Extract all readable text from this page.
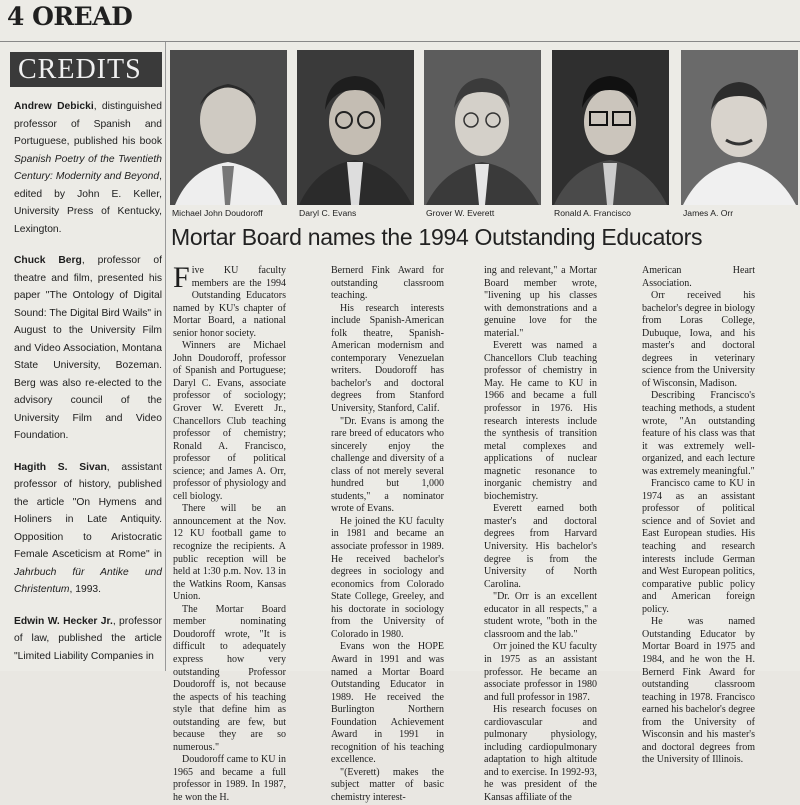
4 OREAD
CREDITS

Andrew Debicki, distinguished professor of Spanish and Portuguese, published his book Spanish Poetry of the Twentieth Century: Modernity and Beyond, edited by John E. Keller, University Press of Kentucky, Lexington.

Chuck Berg, professor of theatre and film, presented his paper "The Ontology of Digital Sound: The Digital Bird Wails" in August to the University Film and Video Association, Montana State University, Bozeman. Berg was also re-elected to the advisory council of the University Film and Video Foundation.

Hagith S. Sivan, assistant professor of history, published the article "On Hymens and Holiners in Late Antiquity. Opposition to Aristocratic Female Asceticism at Rome" in Jahrbuch für Antike und Christentum, 1993.

Edwin W. Hecker Jr., professor of law, published the article "Limited Liability Companies in

Michael John Doudoroff	Daryl C. Evans	Grover W. Everett	Ronald A. Francisco	James A. Orr
Mortar Board names the 1994 Outstanding Educators

Five KU faculty members are the 1994 Outstanding Educators named by KU's chapter of Mortar Board, a national senior honor society.

Winners are Michael John Doudoroff, professor of Spanish and Portuguese; Daryl C. Evans, associate professor of sociology; Grover W. Everett Jr., Chancellors Club teaching professor of chemistry; Ronald A. Francisco, professor of political science; and James A. Orr, professor of physiology and cell biology.

There will be an announcement at the Nov. 12 KU football game to recognize the recipients. A public reception will be held at 1:30 p.m. Nov. 13 in the Watkins Room, Kansas Union.

The Mortar Board member nominating Doudoroff wrote, "It is difficult to adequately express how very outstanding Professor Doudoroff is, not because the aspects of his teaching style that define him as outstanding are few, but because they are so numerous."

Doudoroff came to KU in 1965 and became a full professor in 1989. In 1987, he won the H.

Bernerd Fink Award for outstanding classroom teaching.

His research interests include Spanish-American folk theatre, Spanish-American modernism and contemporary Venezuelan writers. Doudoroff has bachelor's and doctoral degrees from Stanford University, Stanford, Calif.

"Dr. Evans is among the rare breed of educators who sincerely enjoy the challenge and diversity of a class of not merely several hundred but 1,000 students," a nominator wrote of Evans.

He joined the KU faculty in 1981 and became an associate professor in 1989. He received bachelor's degrees in sociology and economics from Colorado State College, Greeley, and his doctorate in sociology from the University of Colorado in 1980.

Evans won the HOPE Award in 1991 and was named a Mortar Board Outstanding Educator in 1989. He received the Burlington Northern Foundation Achievement Award in 1991 in recognition of his teaching excellence.

"(Everett) makes the subject matter of basic chemistry interest-

ing and relevant," a Mortar Board member wrote, "livening up his classes with demonstrations and a genuine love for the material."

Everett was named a Chancellors Club teaching professor of chemistry in May. He came to KU in 1966 and became a full professor in 1976. His research interests include the synthesis of transition metal complexes and applications of nuclear magnetic resonance to inorganic chemistry and biochemistry.

Everett earned both master's and doctoral degrees from Harvard University. His bachelor's degree is from the University of North Carolina.

"Dr. Orr is an excellent educator in all respects," a student wrote, "both in the classroom and the lab."

Orr joined the KU faculty in 1975 as an assistant professor. He became an associate professor in 1980 and full professor in 1987.

His research focuses on cardiovascular and pulmonary physiology, including cardiopulmonary adaptation to high altitude and to exercise. In 1992-93, he was president of the Kansas affiliate of the

American Heart Association.

Orr received his bachelor's degree in biology from Loras College, Dubuque, Iowa, and his master's and doctoral degrees in veterinary science from the University of Wisconsin, Madison.

Describing Francisco's teaching methods, a student wrote, "An outstanding feature of his class was that it was extremely well-organized, and each lecture was extremely meaningful."

Francisco came to KU in 1974 as an assistant professor of political science and of Soviet and East European studies. His teaching and research interests include German and West European politics, comparative public policy and American foreign policy.

He was named Outstanding Educator by Mortar Board in 1975 and 1984, and he won the H. Bernerd Fink Award for outstanding classroom teaching in 1978. Francisco earned his bachelor's degree from the University of Wisconsin and his master's and doctoral degrees from the University of Illinois.
